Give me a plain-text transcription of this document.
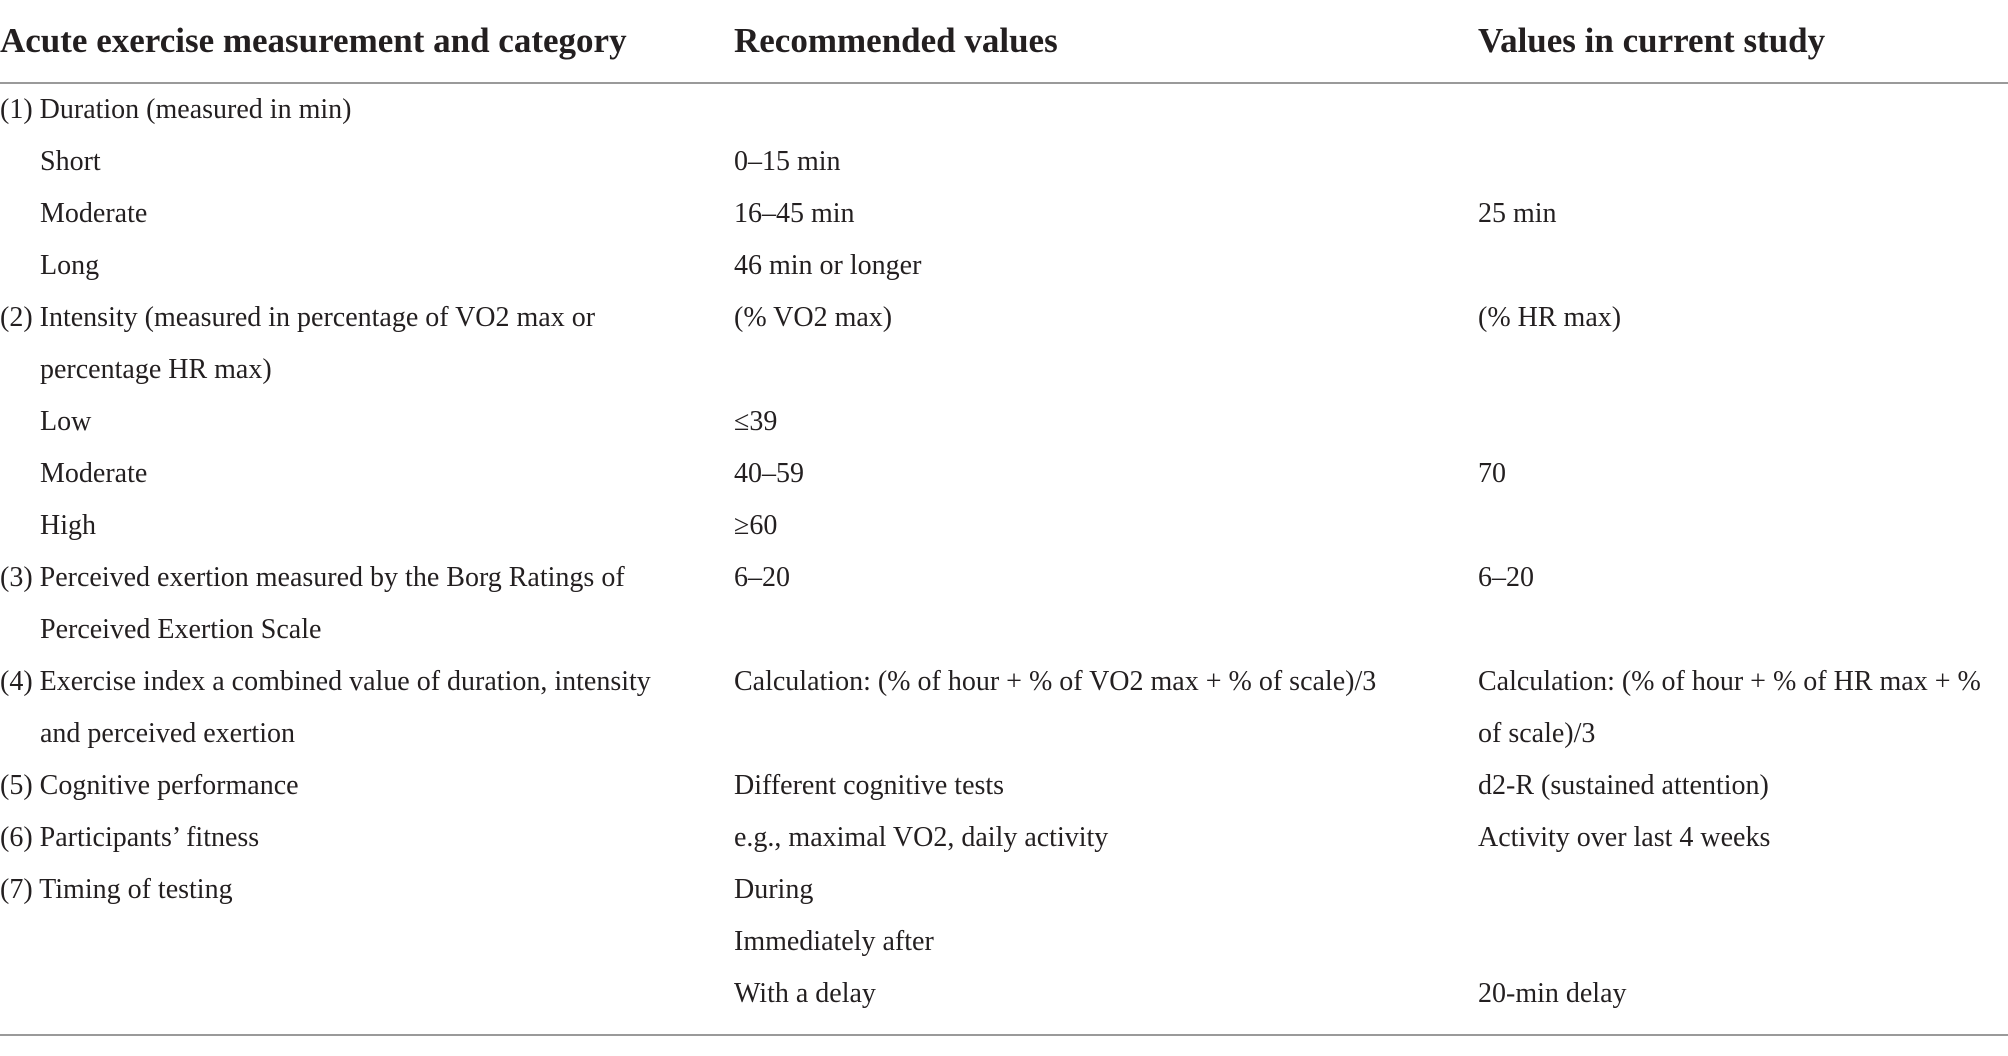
Acute exercise measurement and category	Recommended values	Values in current study
(1) Duration (measured in min)		
Short	0–15 min	
Moderate	16–45 min	25 min
Long	46 min or longer	
(2) Intensity (measured in percentage of VO2 max or	(% VO2 max)	(% HR max)
percentage HR max)		
Low	≤39	
Moderate	40–59	70
High	≥60	
(3) Perceived exertion measured by the Borg Ratings of	6–20	6–20
Perceived Exertion Scale		
(4) Exercise index a combined value of duration, intensity	Calculation: (% of hour + % of VO2 max + % of scale)/3	Calculation: (% of hour + % of HR max + %
and perceived exertion		of scale)/3
(5) Cognitive performance	Different cognitive tests	d2-R (sustained attention)
(6) Participants’ fitness	e.g., maximal VO2, daily activity	Activity over last 4 weeks
(7) Timing of testing	During	
	Immediately after	
	With a delay	20-min delay
